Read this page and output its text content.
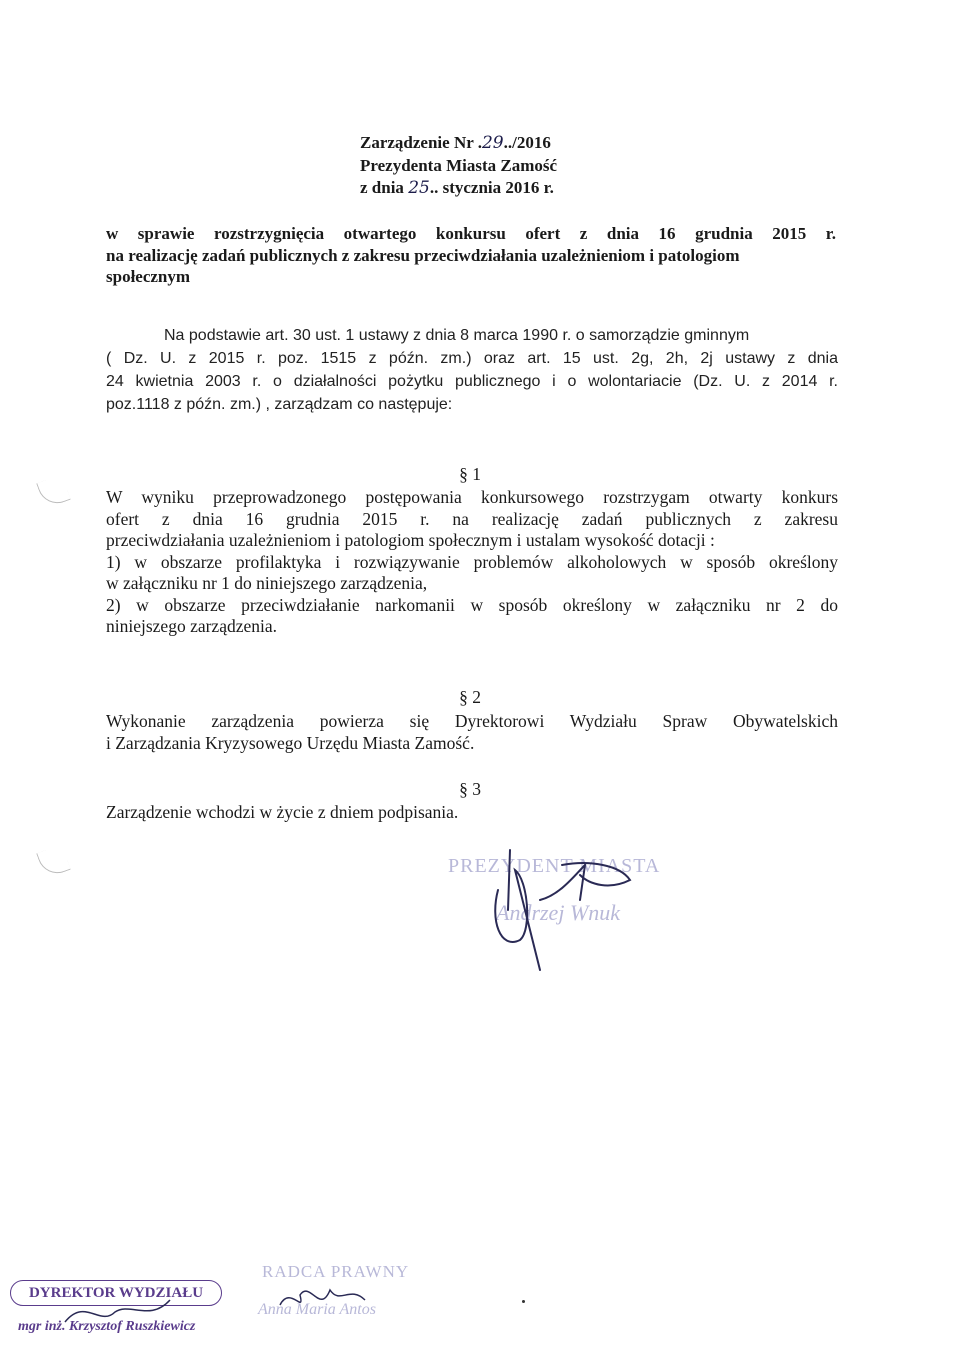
Zarządzenie Nr .29../2016
Prezydenta Miasta Zamość
z dnia 25.. stycznia 2016 r.
w sprawie rozstrzygnięcia otwartego konkursu ofert z dnia 16 grudnia 2015 r.
na realizację zadań publicznych z zakresu przeciwdziałania uzależnieniom i patologiom
społecznym
Na podstawie art. 30 ust. 1 ustawy z dnia 8 marca 1990 r. o samorządzie gminnym
( Dz. U. z 2015 r. poz. 1515 z późn. zm.) oraz art. 15 ust. 2g, 2h, 2j ustawy z dnia
24 kwietnia 2003 r. o działalności pożytku publicznego i o wolontariacie (Dz. U. z 2014 r.
poz.1118 z późn. zm.) , zarządzam co następuje:
§ 1
W wyniku przeprowadzonego postępowania konkursowego rozstrzygam otwarty konkurs
ofert z dnia 16 grudnia 2015 r. na realizację zadań publicznych z zakresu
przeciwdziałania uzależnieniom i patologiom społecznym i ustalam wysokość dotacji :
1) w obszarze profilaktyka i rozwiązywanie problemów alkoholowych w sposób określony
w załączniku nr 1 do niniejszego zarządzenia,
2) w obszarze przeciwdziałanie narkomanii w sposób określony w załączniku nr 2 do
niniejszego zarządzenia.
§ 2
Wykonanie zarządzenia powierza się Dyrektorowi Wydziału Spraw Obywatelskich
i Zarządzania Kryzysowego Urzędu Miasta Zamość.
§ 3
Zarządzenie wchodzi w życie z dniem podpisania.
PREZYDENT MIASTA
Andrzej Wnuk
DYREKTOR WYDZIAŁU
mgr inż. Krzysztof Ruszkiewicz
RADCA PRAWNY
Anna Maria Antos
